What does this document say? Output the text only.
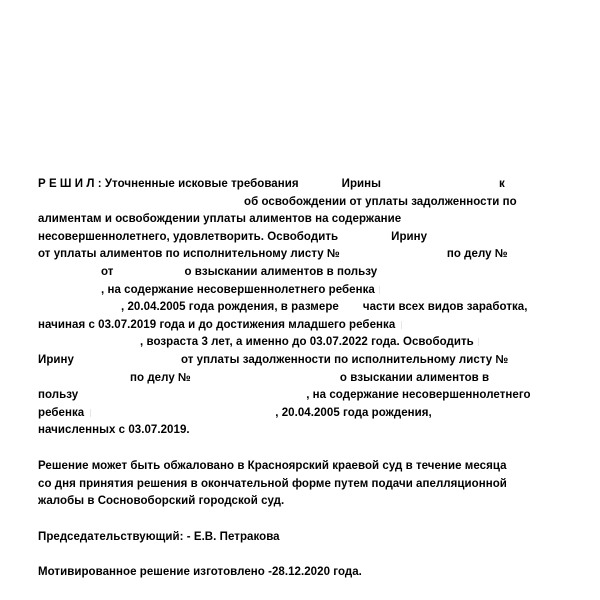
Р Е Ш И Л : Уточненные исковые требования	Ирины	к
об освобождении от уплаты задолженности по
алиментам и освобождении уплаты алиментов на содержание
несовершеннолетнего, удовлетворить. Освободить	Ирину
от уплаты алиментов по исполнительному листу №	по делу №
от	о взыскании алиментов в пользу
, на содержание несовершеннолетнего ребенка
, 20.04.2005 года рождения, в размере части всех видов заработка,
начиная с 03.07.2019 года и до достижения младшего ребенка
, возраста 3 лет, а именно до 03.07.2022 года. Освободить
Ирину	от уплаты задолженности по исполнительному листу №
по делу №	о взыскании алиментов в
пользу	, на содержание несовершеннолетнего
ребенка	, 20.04.2005 года рождения,
начисленных с 03.07.2019.
Решение может быть обжаловано в Красноярский краевой суд в течение месяца
со дня принятия решения в окончательной форме путем подачи апелляционной
жалобы в Сосновоборский городской суд.
Председательствующий: - Е.В. Петракова
Мотивированное решение изготовлено -28.12.2020 года.
